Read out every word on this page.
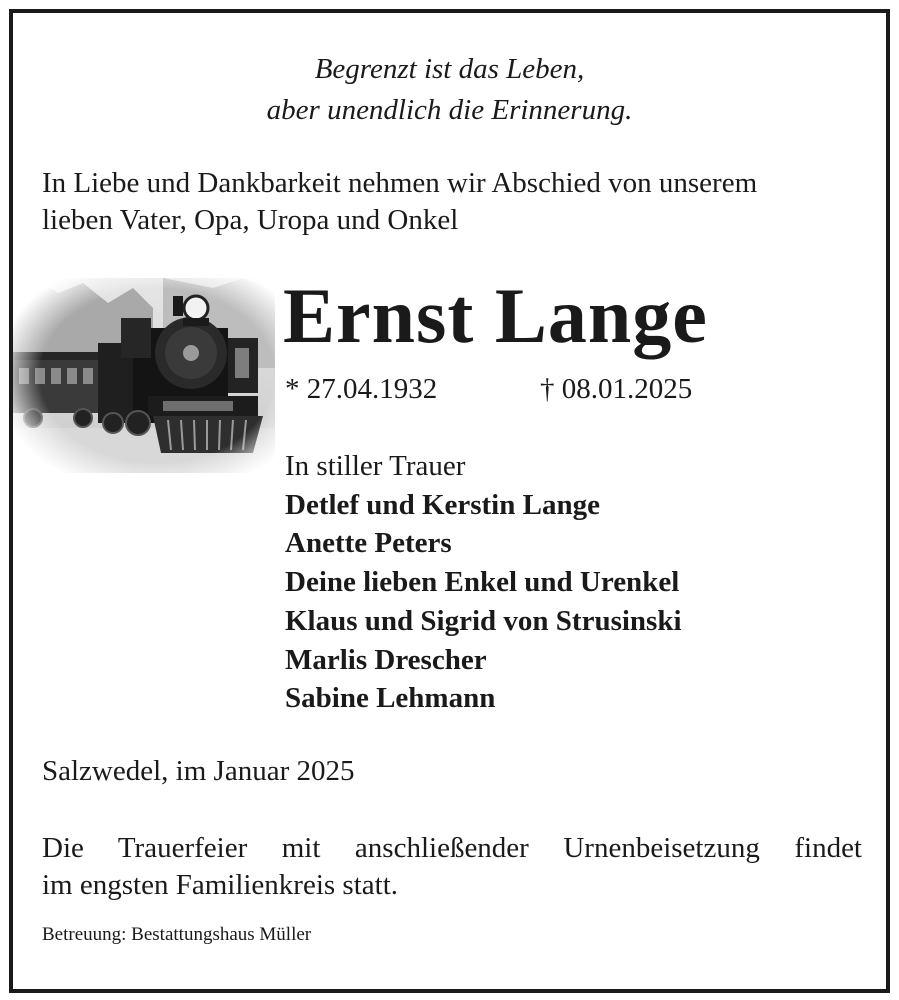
Begrenzt ist das Leben,
aber unendlich die Erinnerung.
In Liebe und Dankbarkeit nehmen wir Abschied von unserem
lieben Vater, Opa, Uropa und Onkel
Ernst Lange
* 27.04.1932	† 08.01.2025
In stiller Trauer
Detlef und Kerstin Lange
Anette Peters
Deine lieben Enkel und Urenkel
Klaus und Sigrid von Strusinski
Marlis Drescher
Sabine Lehmann
Salzwedel, im Januar 2025
Die Trauerfeier mit anschließender Urnenbeisetzung findet
im engsten Familienkreis statt.
Betreuung: Bestattungshaus Müller
